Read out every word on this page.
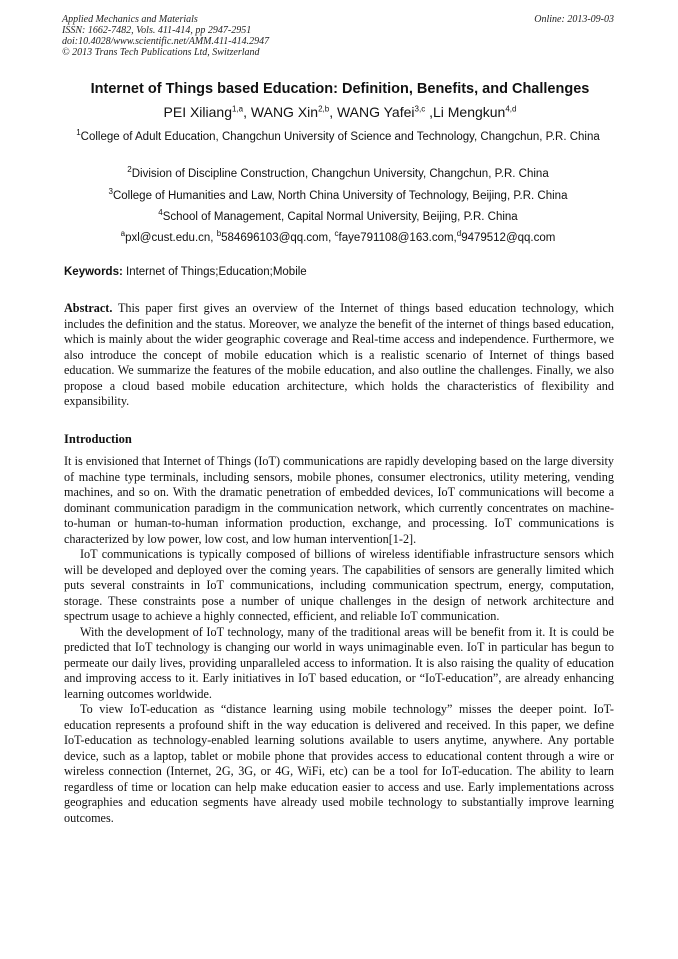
Applied Mechanics and Materials
ISSN: 1662-7482, Vols. 411-414, pp 2947-2951
doi:10.4028/www.scientific.net/AMM.411-414.2947
© 2013 Trans Tech Publications Ltd, Switzerland
Online: 2013-09-03
Internet of Things based Education: Definition, Benefits, and Challenges
PEI Xiliang$^{1,a}$, WANG Xin$^{2,b}$, WANG Yafei$^{3,c}$ ,Li Mengkun$^{4,d}$
$^1$College of Adult Education, Changchun University of Science and Technology, Changchun, P.R. China
$^2$Division of Discipline Construction, Changchun University, Changchun, P.R. China
$^3$College of Humanities and Law, North China University of Technology, Beijing, P.R. China
$^4$School of Management, Capital Normal University, Beijing, P.R. China
$^a$pxl@cust.edu.cn, $^b$584696103@qq.com, $^c$faye791108@163.com,$^d$9479512@qq.com
Keywords: Internet of Things;Education;Mobile
Abstract. This paper first gives an overview of the Internet of things based education technology, which includes the definition and the status. Moreover, we analyze the benefit of the internet of things based education, which is mainly about the wider geographic coverage and Real-time access and independence. Furthermore, we also introduce the concept of mobile education which is a realistic scenario of Internet of things based education. We summarize the features of the mobile education, and also outline the challenges. Finally, we also propose a cloud based mobile education architecture, which holds the characteristics of flexibility and expansibility.
Introduction

It is envisioned that Internet of Things (IoT) communications are rapidly developing based on the large diversity of machine type terminals, including sensors, mobile phones, consumer electronics, utility metering, vending machines, and so on. With the dramatic penetration of embedded devices, IoT communications will become a dominant communication paradigm in the communication network, which currently concentrates on machine-to-human or human-to-human information production, exchange, and processing. IoT communications is characterized by low power, low cost, and low human intervention[1-2].

IoT communications is typically composed of billions of wireless identifiable infrastructure sensors which will be developed and deployed over the coming years. The capabilities of sensors are generally limited which puts several constraints in IoT communications, including communication spectrum, energy, computation, storage. These constraints pose a number of unique challenges in the design of network architecture and spectrum usage to achieve a highly connected, efficient, and reliable IoT communication.

With the development of IoT technology, many of the traditional areas will be benefit from it. It is could be predicted that IoT technology is changing our world in ways unimaginable even. IoT in particular has begun to permeate our daily lives, providing unparalleled access to information. It is also raising the quality of education and improving access to it. Early initiatives in IoT based education, or “IoT-education”, are already enhancing learning outcomes worldwide.

To view IoT-education as “distance learning using mobile technology” misses the deeper point. IoT-education represents a profound shift in the way education is delivered and received. In this paper, we define IoT-education as technology-enabled learning solutions available to users anytime, anywhere. Any portable device, such as a laptop, tablet or mobile phone that provides access to educational content through a wire or wireless connection (Internet, 2G, 3G, or 4G, WiFi, etc) can be a tool for IoT-education. The ability to learn regardless of time or location can help make education easier to access and use. Early implementations across geographies and education segments have already used mobile technology to substantially improve learning outcomes.
